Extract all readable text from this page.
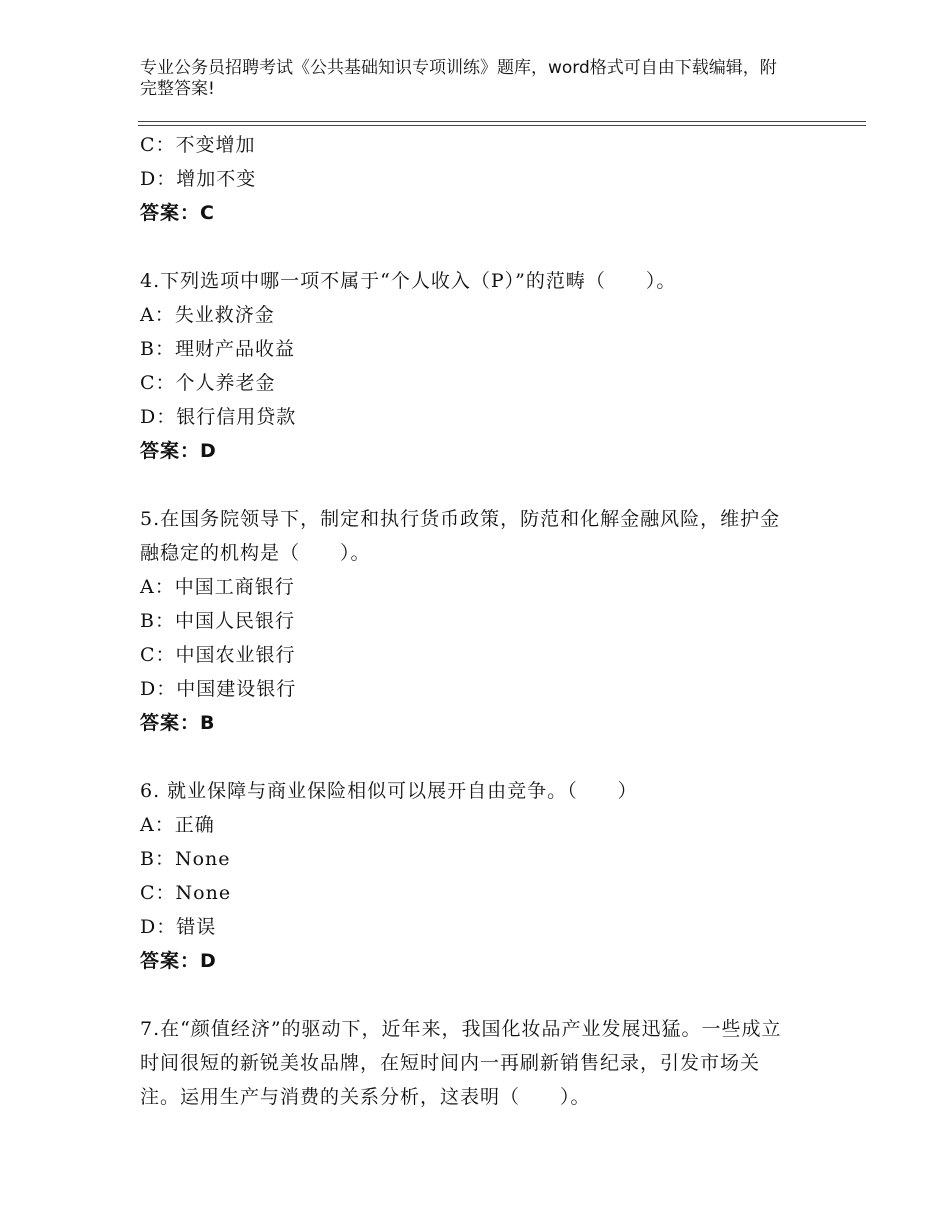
专业公务员招聘考试《公共基础知识专项训练》题库，word格式可自由下载编辑，附完整答案!
C：不变增加
D：增加不变
答案：C
4.下列选项中哪一项不属于“个人收入（P）”的范畴（　　）。
A：失业救济金
B：理财产品收益
C：个人养老金
D：银行信用贷款
答案：D
5.在国务院领导下，制定和执行货币政策，防范和化解金融风险，维护金融稳定的机构是（　　）。
A：中国工商银行
B：中国人民银行
C：中国农业银行
D：中国建设银行
答案：B
6. 就业保障与商业保险相似可以展开自由竞争。（　　）
A：正确
B：None
C：None
D：错误
答案：D
7.在“颜值经济”的驱动下，近年来，我国化妆品产业发展迅猛。一些成立时间很短的新锐美妆品牌，在短时间内一再刷新销售纪录，引发市场关注。运用生产与消费的关系分析，这表明（　　）。
